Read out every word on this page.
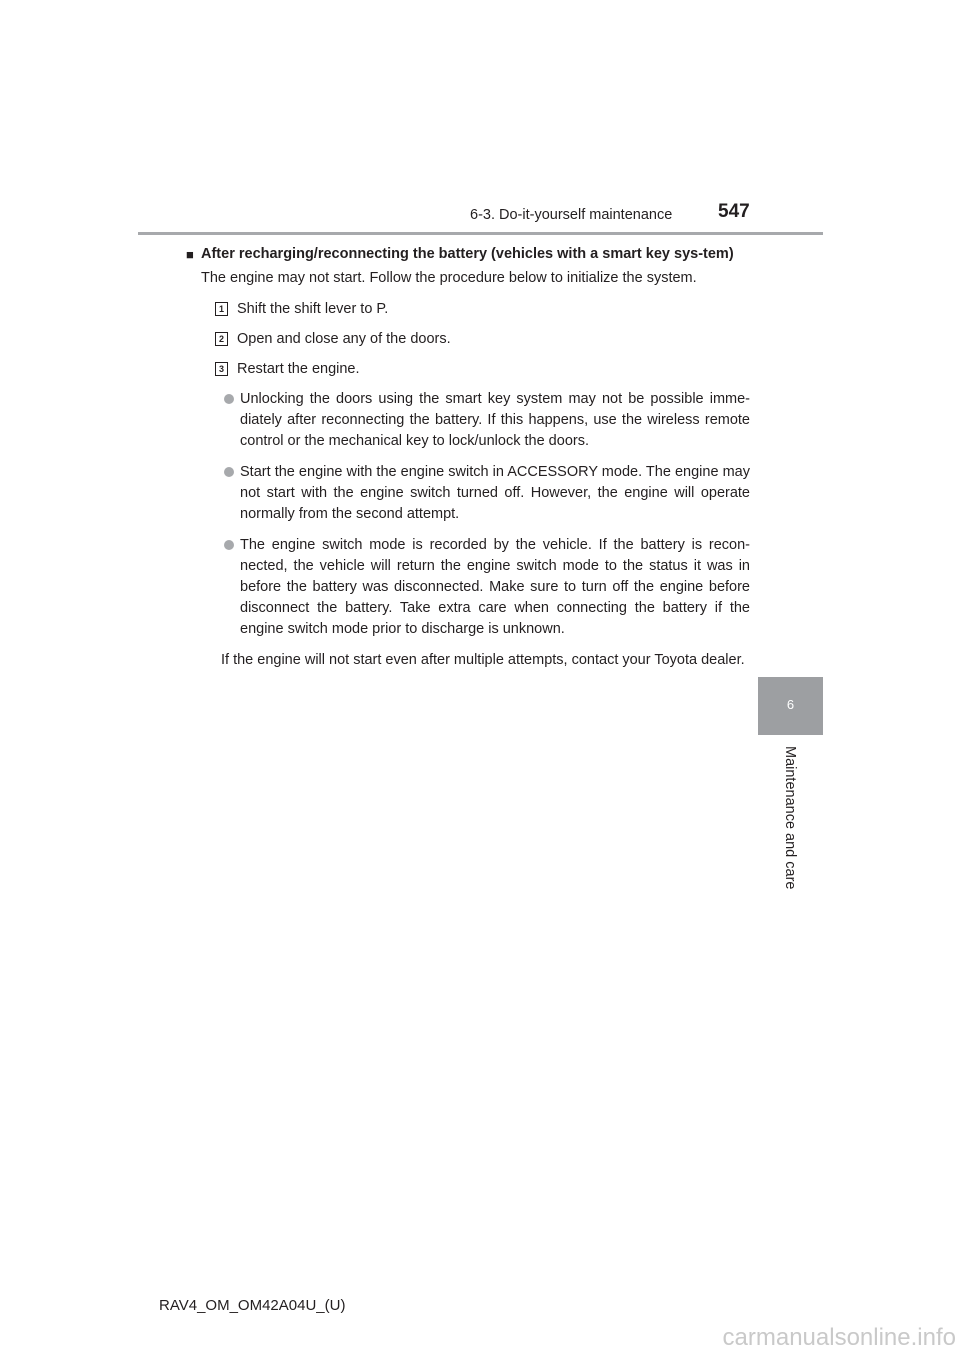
6-3. Do-it-yourself maintenance 547
6
Maintenance and care
■ After recharging/reconnecting the battery (vehicles with a smart key sys-tem)

The engine may not start. Follow the procedure below to initialize the system.

1 Shift the shift lever to P.
2 Open and close any of the doors.
3 Restart the engine.
Unlocking the doors using the smart key system may not be possible imme-diately after reconnecting the battery. If this happens, use the wireless remote control or the mechanical key to lock/unlock the doors.
Start the engine with the engine switch in ACCESSORY mode. The engine may not start with the engine switch turned off. However, the engine will operate normally from the second attempt.
The engine switch mode is recorded by the vehicle. If the battery is recon-nected, the vehicle will return the engine switch mode to the status it was in before the battery was disconnected. Make sure to turn off the engine before disconnect the battery. Take extra care when connecting the battery if the engine switch mode prior to discharge is unknown.

If the engine will not start even after multiple attempts, contact your Toyota dealer.

RAV4_OM_OM42A04U_(U)
carmanualsonline.info
